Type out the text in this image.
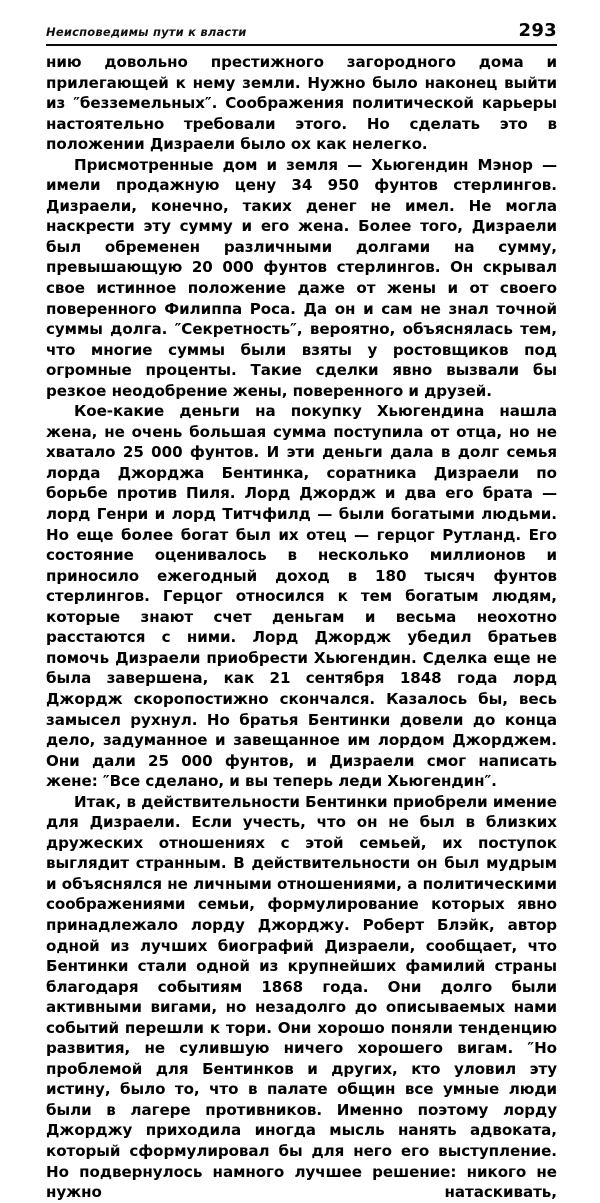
Неисповедимы пути к власти	293

нию довольно престижного загородного дома и прилегающей к нему земли. Нужно было наконец выйти из ″безземельных″. Соображения политической карьеры настоятельно требовали этого. Но сделать это в положении Дизраели было ох как нелегко.

Присмотренные дом и земля — Хьюгендин Мэнор — имели продажную цену 34 950 фунтов стерлингов. Дизраели, конечно, таких денег не имел. Не могла наскрести эту сумму и его жена. Более того, Дизраели был обременен различными долгами на сумму, превышающую 20 000 фунтов стерлингов. Он скрывал свое истинное положение даже от жены и от своего поверенного Филиппа Роса. Да он и сам не знал точной суммы долга. ″Секретность″, вероятно, объяснялась тем, что многие суммы были взяты у ростовщиков под огромные проценты. Такие сделки явно вызвали бы резкое неодобрение жены, поверенного и друзей.

Кое-какие деньги на покупку Хьюгендина нашла жена, не очень большая сумма поступила от отца, но не хватало 25 000 фунтов. И эти деньги дала в долг семья лорда Джорджа Бентинка, соратника Дизраели по борьбе против Пиля. Лорд Джордж и два его брата — лорд Генри и лорд Титчфилд — были богатыми людьми. Но еще более богат был их отец — герцог Рутланд. Его состояние оценивалось в несколько миллионов и приносило ежегодный доход в 180 тысяч фунтов стерлингов. Герцог относился к тем богатым людям, которые знают счет деньгам и весьма неохотно расстаются с ними. Лорд Джордж убедил братьев помочь Дизраели приобрести Хьюгендин. Сделка еще не была завершена, как 21 сентября 1848 года лорд Джордж скоропостижно скончался. Казалось бы, весь замысел рухнул. Но братья Бентинки довели до конца дело, задуманное и завещанное им лордом Джорджем. Они дали 25 000 фунтов, и Дизраели смог написать жене: ″Все сделано, и вы теперь леди Хьюгендин″.

Итак, в действительности Бентинки приобрели имение для Дизраели. Если учесть, что он не был в близких дружеских отношениях с этой семьей, их поступок выглядит странным. В действительности он был мудрым и объяснялся не личными отношениями, а политическими соображениями семьи, формулирование которых явно принадлежало лорду Джорджу. Роберт Блэйк, автор одной из лучших биографий Дизраели, сообщает, что Бентинки стали одной из крупнейших фамилий страны благодаря событиям 1868 года. Они долго были активными вигами, но незадолго до описываемых нами событий перешли к тори. Они хорошо поняли тенденцию развития, не сулившую ничего хорошего вигам. ″Но проблемой для Бентинков и других, кто уловил эту истину, было то, что в палате общин все умные люди были в лагере противников. Именно поэтому лорду Джорджу приходила иногда мысль нанять адвоката, который сформулировал бы для него его выступление. Но подвернулось намного лучшее решение: никого не нужно натаскивать,
